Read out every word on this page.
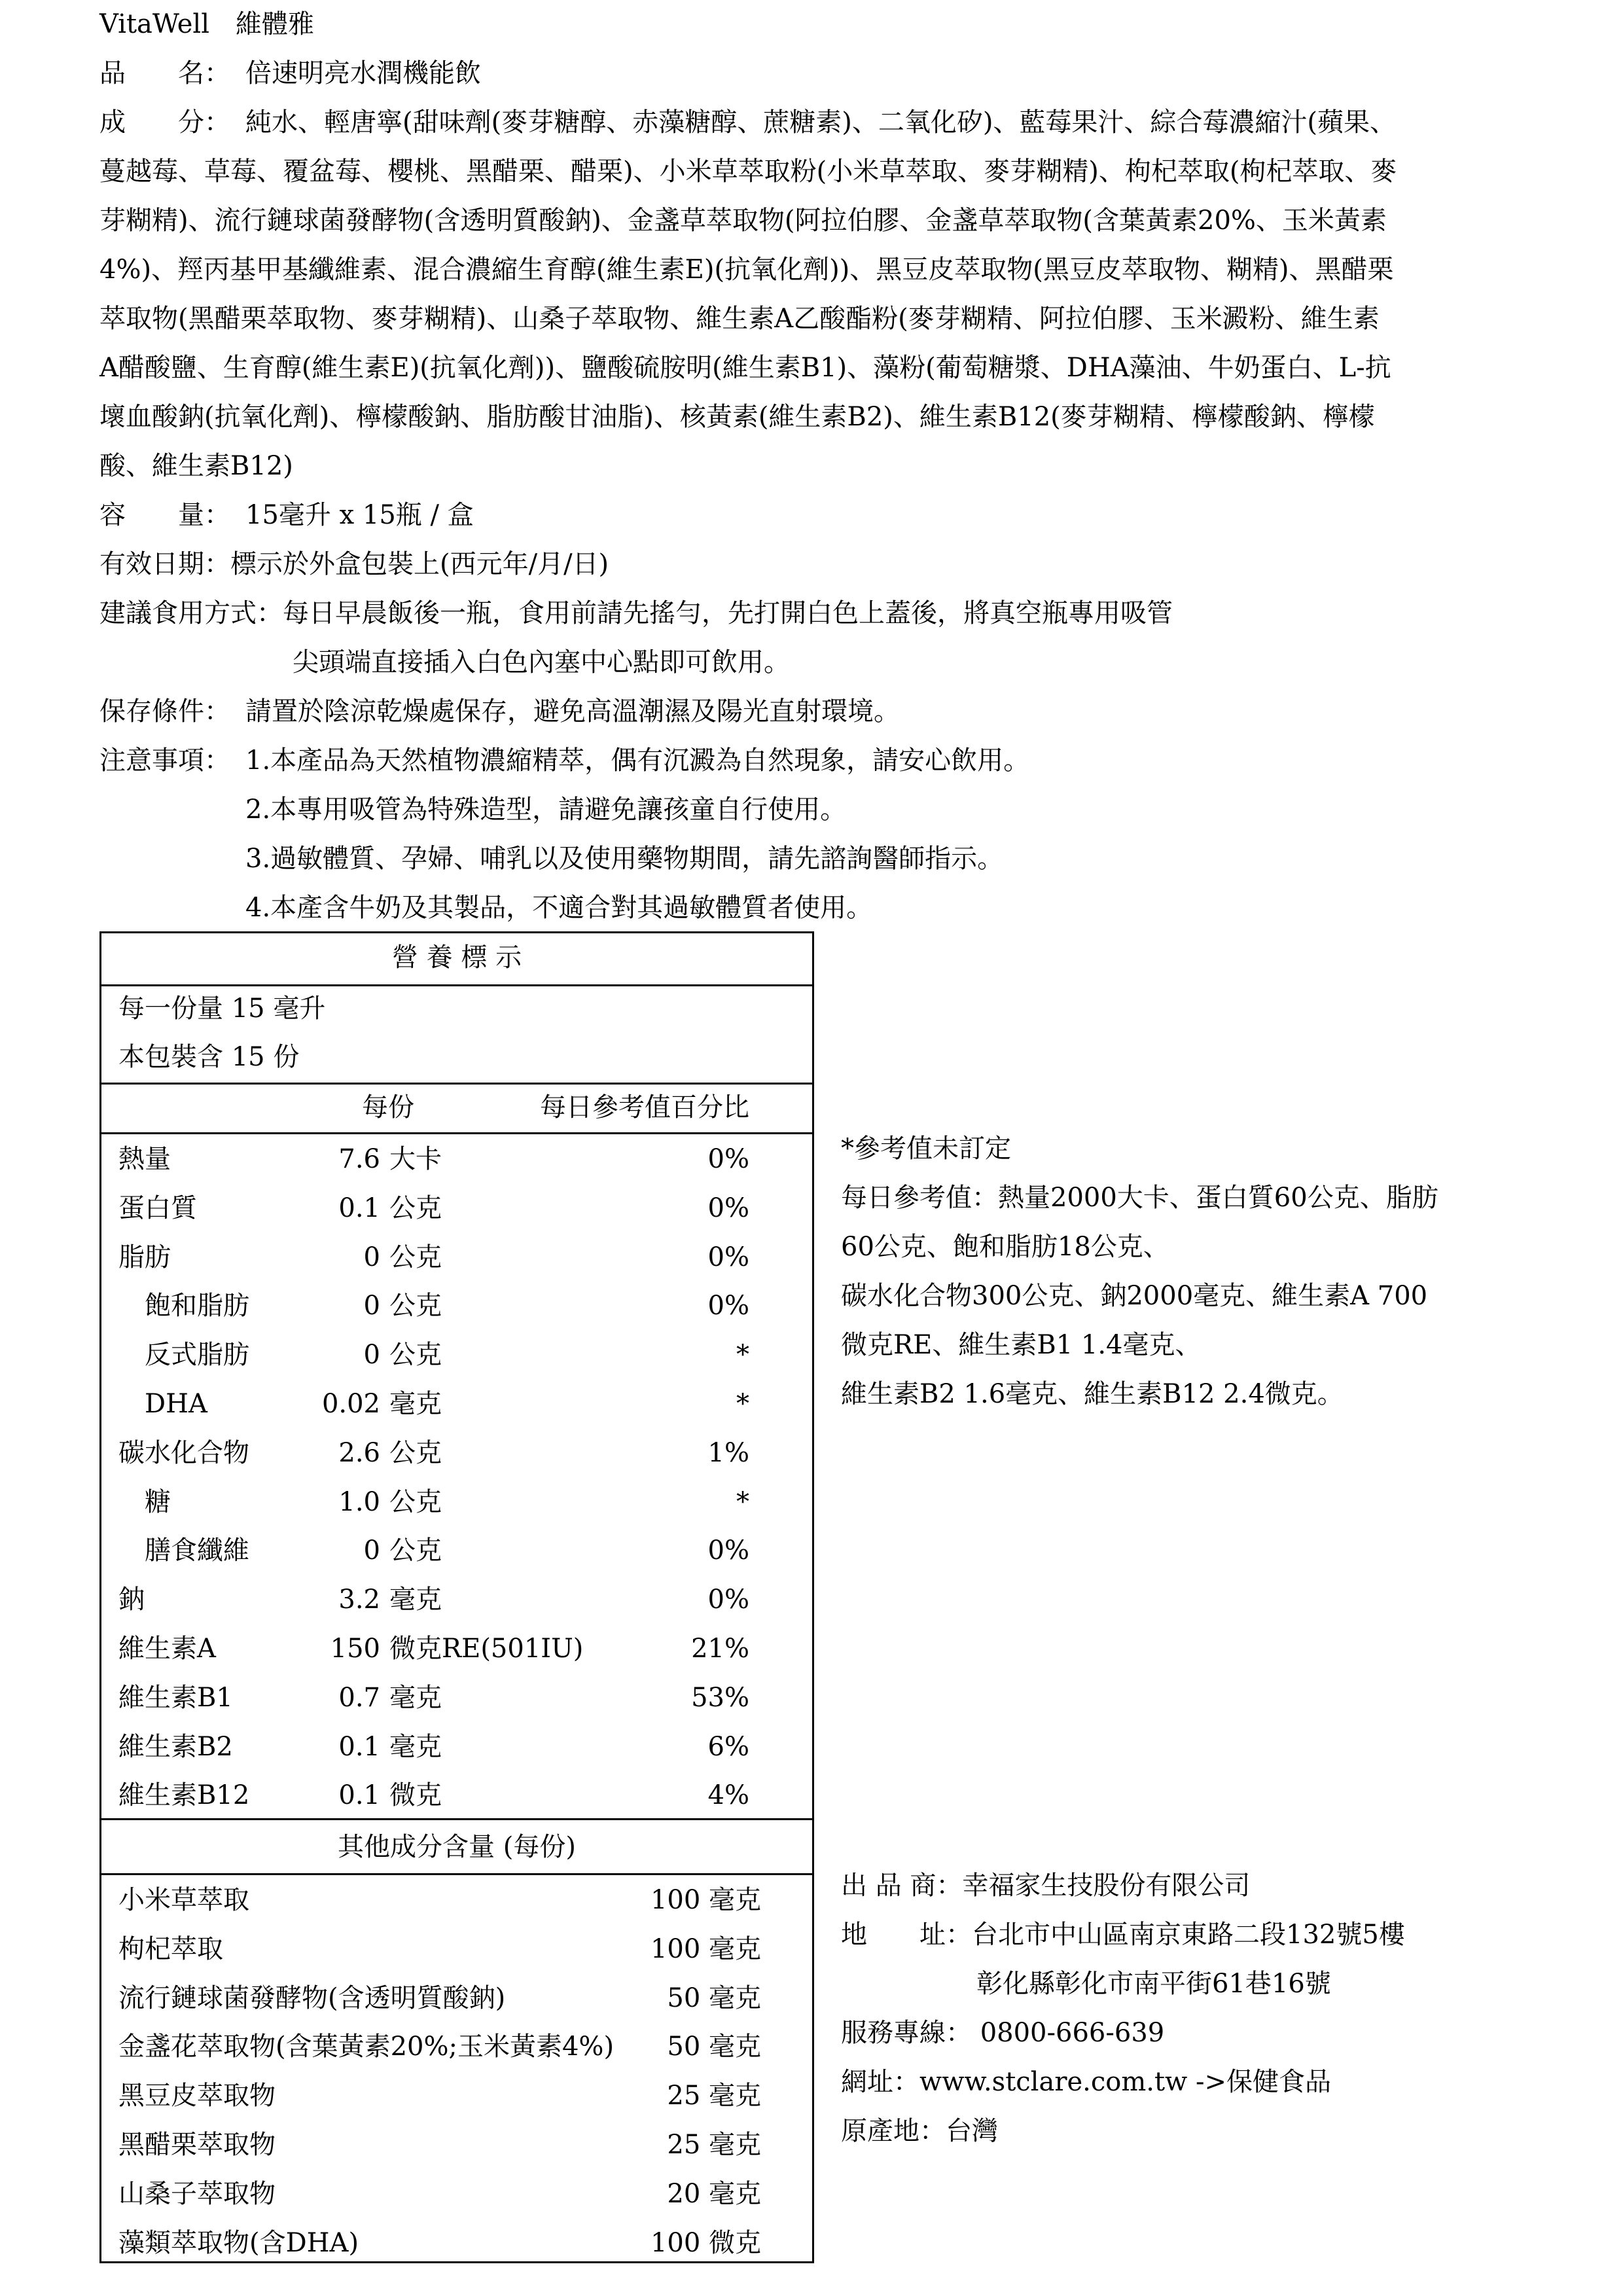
VitaWell　維體雅
品　　名： 倍速明亮水潤機能飲
成　　分： 純水、輕唐寧(甜味劑(麥芽糖醇、赤藻糖醇、蔗糖素)、二氧化矽)、藍莓果汁、綜合莓濃縮汁(蘋果、
蔓越莓、草莓、覆盆莓、櫻桃、黑醋栗、醋栗)、小米草萃取粉(小米草萃取、麥芽糊精)、枸杞萃取(枸杞萃取、麥
芽糊精)、流行鏈球菌發酵物(含透明質酸鈉)、金盞草萃取物(阿拉伯膠、金盞草萃取物(含葉黃素20%、玉米黃素
4%)、羥丙基甲基纖維素、混合濃縮生育醇(維生素E)(抗氧化劑))、黑豆皮萃取物(黑豆皮萃取物、糊精)、黑醋栗
萃取物(黑醋栗萃取物、麥芽糊精)、山桑子萃取物、維生素A乙酸酯粉(麥芽糊精、阿拉伯膠、玉米澱粉、維生素
A醋酸鹽、生育醇(維生素E)(抗氧化劑))、鹽酸硫胺明(維生素B1)、藻粉(葡萄糖漿、DHA藻油、牛奶蛋白、L-抗
壞血酸鈉(抗氧化劑)、檸檬酸鈉、脂肪酸甘油脂)、核黃素(維生素B2)、維生素B12(麥芽糊精、檸檬酸鈉、檸檬
酸、維生素B12)
容　　量： 15毫升 x 15瓶 / 盒
有效日期：標示於外盒包裝上(西元年/月/日)
建議食用方式：每日早晨飯後一瓶，食用前請先搖勻，先打開白色上蓋後，將真空瓶專用吸管
尖頭端直接插入白色內塞中心點即可飲用。
保存條件： 請置於陰涼乾燥處保存，避免高溫潮濕及陽光直射環境。
注意事項： 1.本產品為天然植物濃縮精萃，偶有沉澱為自然現象，請安心飲用。
2.本專用吸管為特殊造型，請避免讓孩童自行使用。
3.過敏體質、孕婦、哺乳以及使用藥物期間，請先諮詢醫師指示。
4.本產含牛奶及其製品，不適合對其過敏體質者使用。
營 養 標 示
每一份量 15 毫升
本包裝含 15 份
每份	每日參考值百分比
熱量	7.6 大卡	0%
蛋白質	0.1 公克	0%
脂肪	0 公克	0%
飽和脂肪	0 公克	0%
反式脂肪	0 公克	*
DHA	0.02 毫克	*
碳水化合物	2.6 公克	1%
糖	1.0 公克	*
膳食纖維	0 公克	0%
鈉	3.2 毫克	0%
維生素A	150 微克RE(501IU)	21%
維生素B1	0.7 毫克	53%
維生素B2	0.1 毫克	6%
維生素B12	0.1 微克	4%
其他成分含量 (每份)
小米草萃取	100 毫克
枸杞萃取	100 毫克
流行鏈球菌發酵物(含透明質酸鈉)	50 毫克
金盞花萃取物(含葉黃素20%;玉米黃素4%) 50 毫克
黑豆皮萃取物	25 毫克
黑醋栗萃取物	25 毫克
山桑子萃取物	20 毫克
藻類萃取物(含DHA)	100 微克
*參考值未訂定
每日參考值：熱量2000大卡、蛋白質60公克、脂肪
60公克、飽和脂肪18公克、
碳水化合物300公克、鈉2000毫克、維生素A 700
微克RE、維生素B1 1.4毫克、
維生素B2 1.6毫克、維生素B12 2.4微克。
出 品 商：幸福家生技股份有限公司
地　　址：台北市中山區南京東路二段132號5樓
彰化縣彰化市南平街61巷16號
服務專線： 0800-666-639
網址：www.stclare.com.tw ->保健食品
原產地：台灣
